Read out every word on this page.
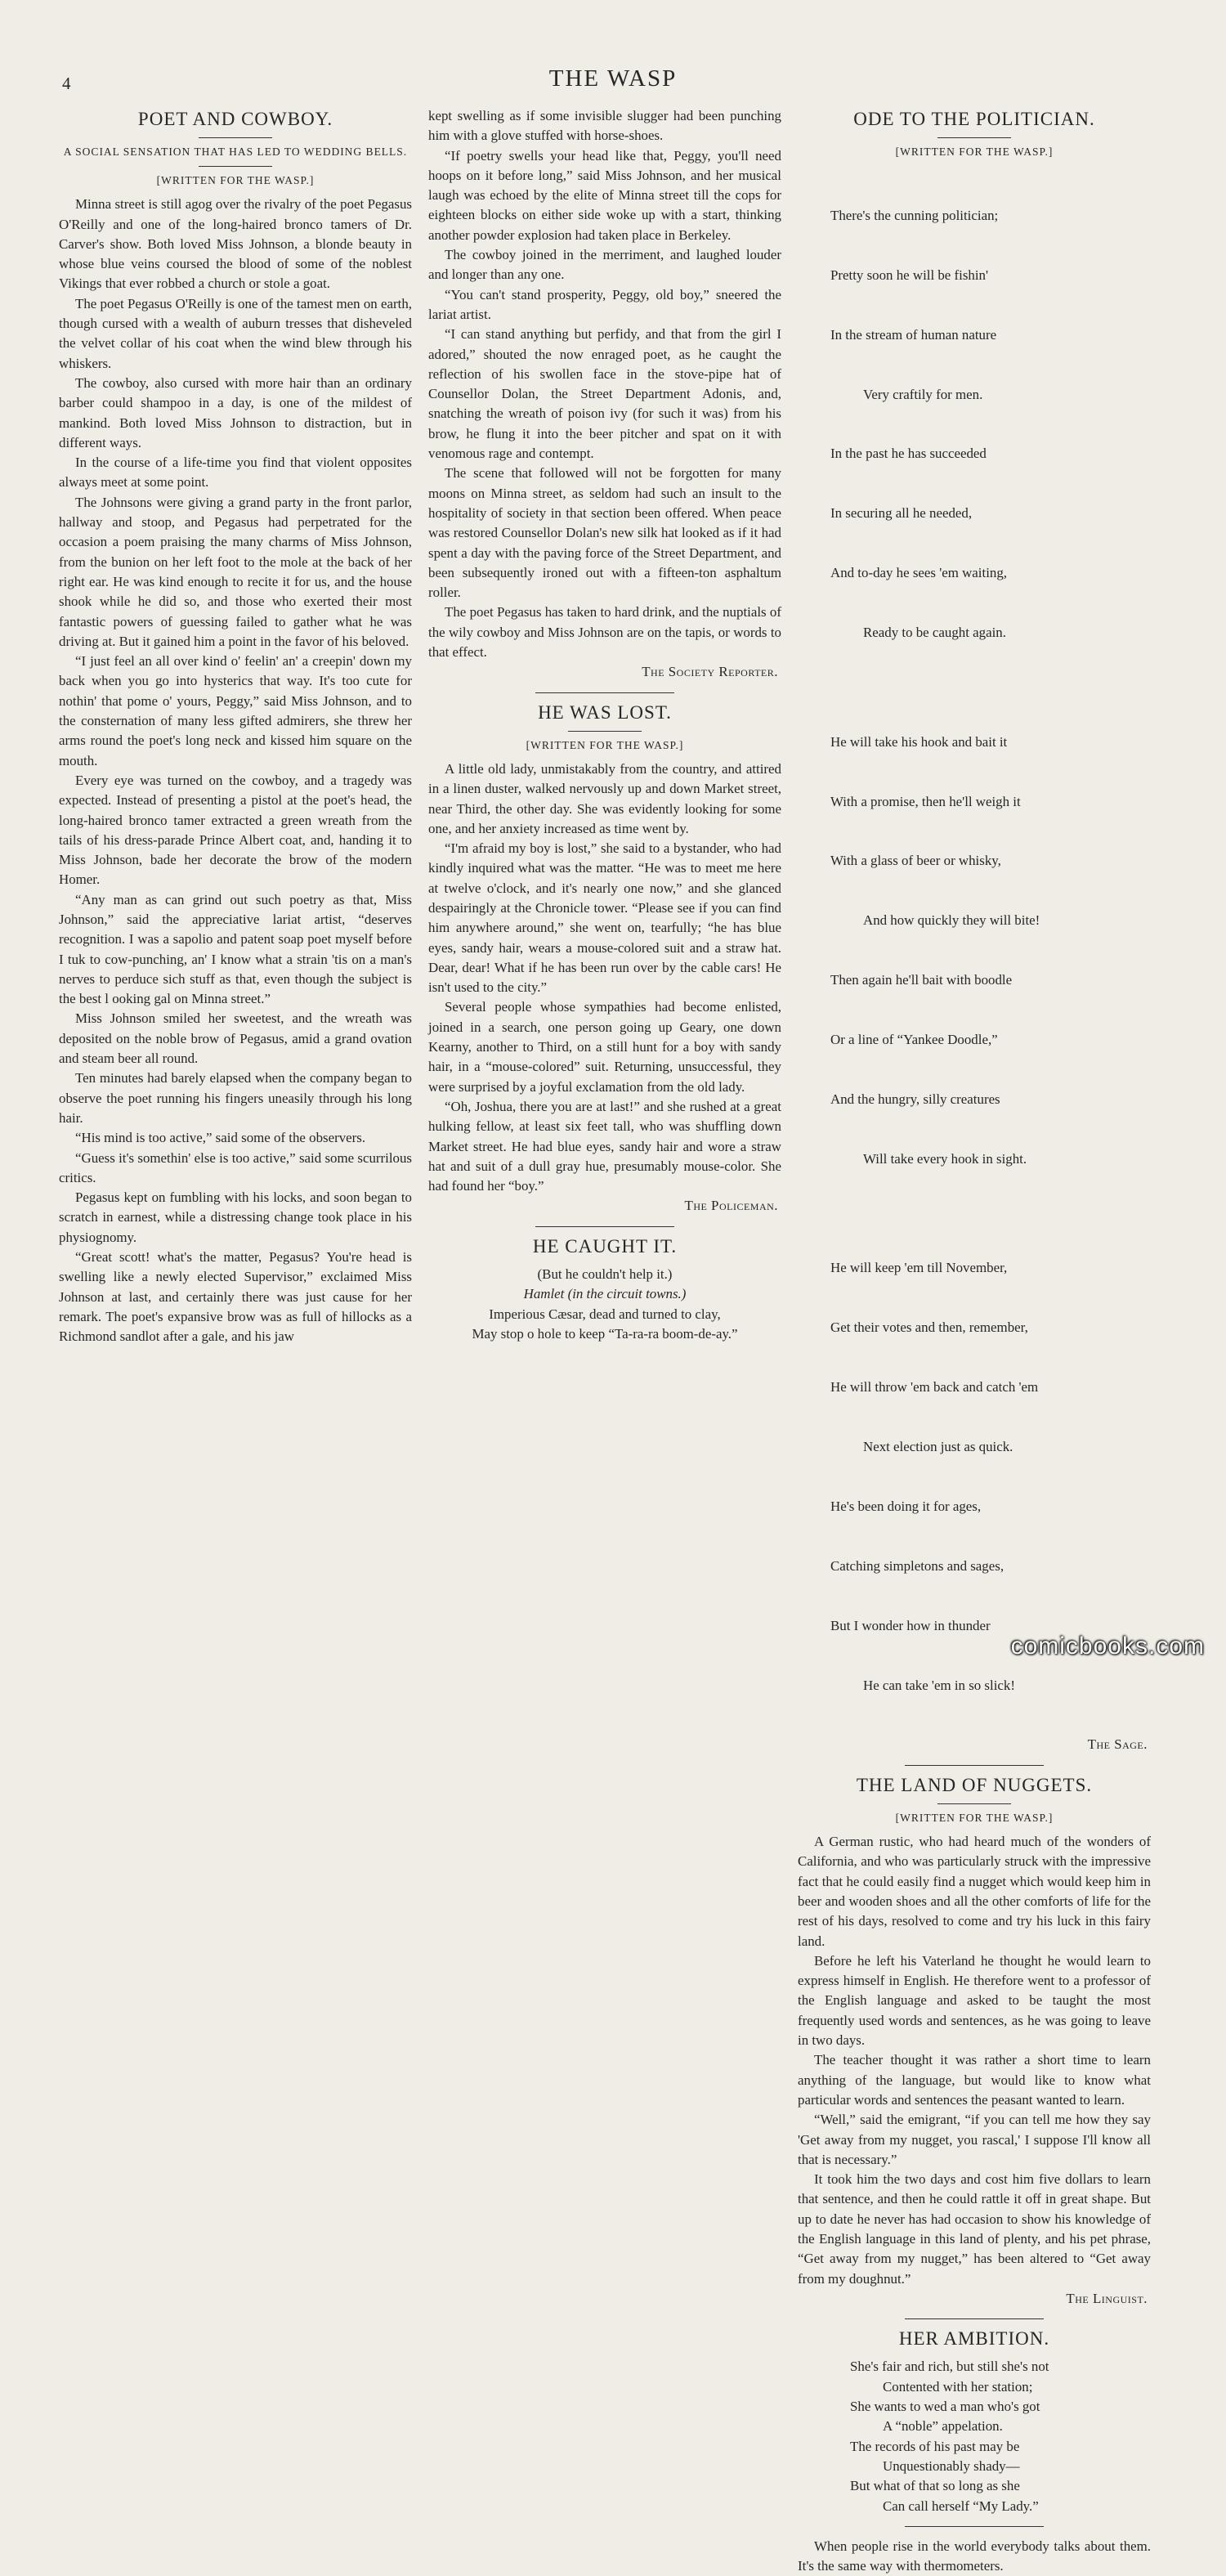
4	THE WASP
POET AND COWBOY.
A SOCIAL SENSATION THAT HAS LED TO WEDDING BELLS.
[WRITTEN FOR THE WASP.]

Minna street is still agog over the rivalry of the poet Pegasus O'Reilly and one of the long-haired bronco tamers of Dr. Carver's show. Both loved Miss Johnson, a blonde beauty in whose blue veins coursed the blood of some of the noblest Vikings that ever robbed a church or stole a goat.

The poet Pegasus O'Reilly is one of the tamest men on earth, though cursed with a wealth of auburn tresses that disheveled the velvet collar of his coat when the wind blew through his whiskers.

The cowboy, also cursed with more hair than an ordinary barber could shampoo in a day, is one of the mildest of mankind. Both loved Miss Johnson to distraction, but in different ways.

In the course of a life-time you find that violent opposites always meet at some point.

The Johnsons were giving a grand party in the front parlor, hallway and stoop, and Pegasus had perpetrated for the occasion a poem praising the many charms of Miss Johnson, from the bunion on her left foot to the mole at the back of her right ear. He was kind enough to recite it for us, and the house shook while he did so, and those who exerted their most fantastic powers of guessing failed to gather what he was driving at. But it gained him a point in the favor of his beloved.

“I just feel an all over kind o' feelin' an' a creepin' down my back when you go into hysterics that way. It's too cute for nothin' that pome o' yours, Peggy,” said Miss Johnson, and to the consternation of many less gifted admirers, she threw her arms round the poet's long neck and kissed him square on the mouth.

Every eye was turned on the cowboy, and a tragedy was expected. Instead of presenting a pistol at the poet's head, the long-haired bronco tamer extracted a green wreath from the tails of his dress-parade Prince Albert coat, and, handing it to Miss Johnson, bade her decorate the brow of the modern Homer.

“Any man as can grind out such poetry as that, Miss Johnson,” said the appreciative lariat artist, “deserves recognition. I was a sapolio and patent soap poet myself before I tuk to cow-punching, an' I know what a strain 'tis on a man's nerves to perduce sich stuff as that, even though the subject is the best l ooking gal on Minna street.”

Miss Johnson smiled her sweetest, and the wreath was deposited on the noble brow of Pegasus, amid a grand ovation and steam beer all round.

Ten minutes had barely elapsed when the company began to observe the poet running his fingers uneasily through his long hair.

“His mind is too active,” said some of the observers.

“Guess it's somethin' else is too active,” said some scurrilous critics.

Pegasus kept on fumbling with his locks, and soon began to scratch in earnest, while a distressing change took place in his physiognomy.

“Great scott! what's the matter, Pegasus? You're head is swelling like a newly elected Supervisor,” exclaimed Miss Johnson at last, and certainly there was just cause for her remark. The poet's expansive brow was as full of hillocks as a Richmond sandlot after a gale, and his jaw

kept swelling as if some invisible slugger had been punching him with a glove stuffed with horse-shoes.

“If poetry swells your head like that, Peggy, you'll need hoops on it before long,” said Miss Johnson, and her musical laugh was echoed by the elite of Minna street till the cops for eighteen blocks on either side woke up with a start, thinking another powder explosion had taken place in Berkeley.

The cowboy joined in the merriment, and laughed louder and longer than any one.

“You can't stand prosperity, Peggy, old boy,” sneered the lariat artist.

“I can stand anything but perfidy, and that from the girl I adored,” shouted the now enraged poet, as he caught the reflection of his swollen face in the stove-pipe hat of Counsellor Dolan, the Street Department Adonis, and, snatching the wreath of poison ivy (for such it was) from his brow, he flung it into the beer pitcher and spat on it with venomous rage and contempt.

The scene that followed will not be forgotten for many moons on Minna street, as seldom had such an insult to the hospitality of society in that section been offered. When peace was restored Counsellor Dolan's new silk hat looked as if it had spent a day with the paving force of the Street Department, and been subsequently ironed out with a fifteen-ton asphaltum roller.

The poet Pegasus has taken to hard drink, and the nuptials of the wily cowboy and Miss Johnson are on the tapis, or words to that effect.

The Society Reporter.
HE WAS LOST.
[WRITTEN FOR THE WASP.]

A little old lady, unmistakably from the country, and attired in a linen duster, walked nervously up and down Market street, near Third, the other day. She was evidently looking for some one, and her anxiety increased as time went by.

“I'm afraid my boy is lost,” she said to a bystander, who had kindly inquired what was the matter. “He was to meet me here at twelve o'clock, and it's nearly one now,” and she glanced despairingly at the Chronicle tower. “Please see if you can find him anywhere around,” she went on, tearfully; “he has blue eyes, sandy hair, wears a mouse-colored suit and a straw hat. Dear, dear! What if he has been run over by the cable cars! He isn't used to the city.”

Several people whose sympathies had become enlisted, joined in a search, one person going up Geary, one down Kearny, another to Third, on a still hunt for a boy with sandy hair, in a “mouse-colored” suit. Returning, unsuccessful, they were surprised by a joyful exclamation from the old lady.

“Oh, Joshua, there you are at last!” and she rushed at a great hulking fellow, at least six feet tall, who was shuffling down Market street. He had blue eyes, sandy hair and wore a straw hat and suit of a dull gray hue, presumably mouse-color. She had found her “boy.”

The Policeman.
HE CAUGHT IT.
(But he couldn't help it.)
Hamlet (in the circuit towns.)
Imperious Cæsar, dead and turned to clay,
May stop o hole to keep “Ta-ra-ra boom-de-ay.”
ODE TO THE POLITICIAN.
[WRITTEN FOR THE WASP.]

There's the cunning politician;

Pretty soon he will be fishin'

In the stream of human nature

Very craftily for men.

In the past he has succeeded

In securing all he needed,

And to-day he sees 'em waiting,

Ready to be caught again.

He will take his hook and bait it

With a promise, then he'll weigh it

With a glass of beer or whisky,

And how quickly they will bite!

Then again he'll bait with boodle

Or a line of “Yankee Doodle,”

And the hungry, silly creatures

Will take every hook in sight.

He will keep 'em till November,

Get their votes and then, remember,

He will throw 'em back and catch 'em

Next election just as quick.

He's been doing it for ages,

Catching simpletons and sages,

But I wonder how in thunder

He can take 'em in so slick!

The Sage.
THE LAND OF NUGGETS.
[WRITTEN FOR THE WASP.]

A German rustic, who had heard much of the wonders of California, and who was particularly struck with the impressive fact that he could easily find a nugget which would keep him in beer and wooden shoes and all the other comforts of life for the rest of his days, resolved to come and try his luck in this fairy land.

Before he left his Vaterland he thought he would learn to express himself in English. He therefore went to a professor of the English language and asked to be taught the most frequently used words and sentences, as he was going to leave in two days.

The teacher thought it was rather a short time to learn anything of the language, but would like to know what particular words and sentences the peasant wanted to learn.

“Well,” said the emigrant, “if you can tell me how they say 'Get away from my nugget, you rascal,' I suppose I'll know all that is necessary.”

It took him the two days and cost him five dollars to learn that sentence, and then he could rattle it off in great shape. But up to date he never has had occasion to show his knowledge of the English language in this land of plenty, and his pet phrase, “Get away from my nugget,” has been altered to “Get away from my doughnut.”

The Linguist.
HER AMBITION.
She's fair and rich, but still she's not
Contented with her station;
She wants to wed a man who's got
A “noble” appelation.
The records of his past may be
Unquestionably shady—
But what of that so long as she
Can call herself “My Lady.”

When people rise in the world everybody talks about them. It's the same way with thermometers.

comicbooks.com
